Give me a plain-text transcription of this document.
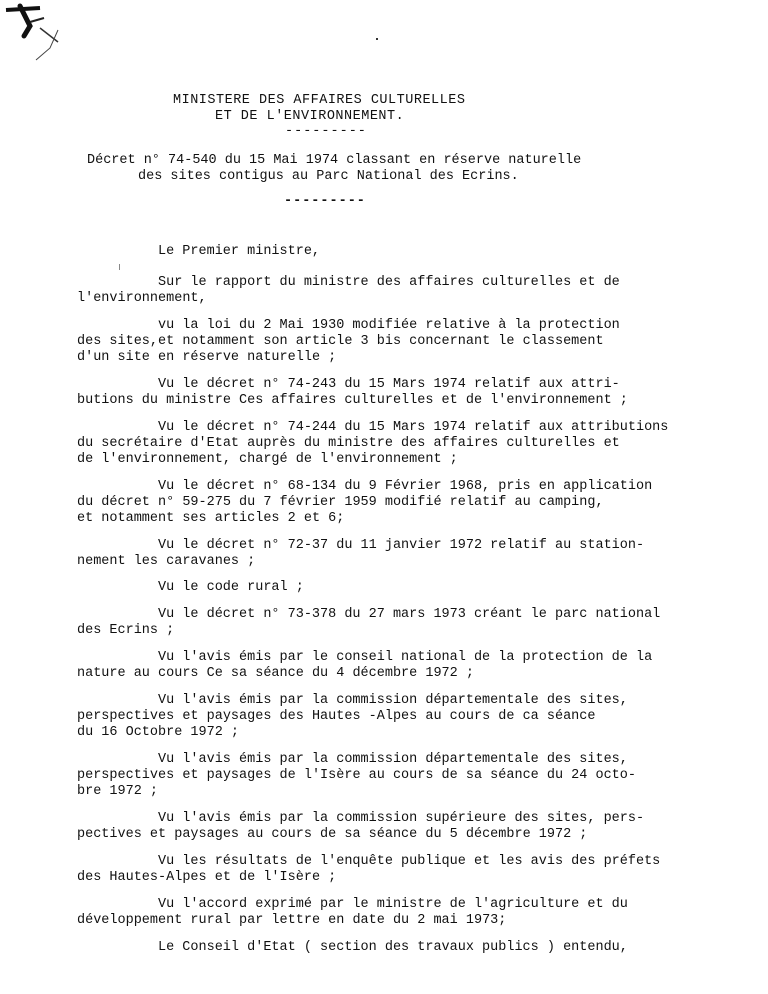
MINISTERE DES AFFAIRES CULTURELLES
ET DE L'ENVIRONNEMENT.
---------
Décret n° 74-540 du 15 Mai 1974 classant en réserve naturelle
des sites contigus au Parc National des Ecrins.
---------
Le Premier ministre,
Sur le rapport du ministre des affaires culturelles et de
l'environnement,
vu la loi du 2 Mai 1930 modifiée relative à la protection
des sites,et notamment son article 3 bis concernant le classement
d'un site en réserve naturelle ;
Vu le décret n° 74-243 du 15 Mars 1974 relatif aux attri-
butions du ministre Ces affaires culturelles et de l'environnement ;
Vu le décret n° 74-244 du 15 Mars 1974 relatif aux attributions
du secrétaire d'Etat auprès du ministre des affaires culturelles et
de l'environnement, chargé de l'environnement ;
Vu le décret n° 68-134 du 9 Février 1968, pris en application
du décret n° 59-275 du 7 février 1959 modifié relatif au camping,
et notamment ses articles 2 et 6;
Vu le décret n° 72-37 du 11 janvier 1972 relatif au station-
nement les caravanes ;
Vu le code rural ;
Vu le décret n° 73-378 du 27 mars 1973 créant le parc national
des Ecrins ;
Vu l'avis émis par le conseil national de la protection de la
nature au cours Ce sa séance du 4 décembre 1972 ;
Vu l'avis émis par la commission départementale des sites,
perspectives et paysages des Hautes -Alpes au cours de ca séance
du 16 Octobre 1972 ;
Vu l'avis émis par la commission départementale des sites,
perspectives et paysages de l'Isère au cours de sa séance du 24 octo-
bre 1972 ;
Vu l'avis émis par la commission supérieure des sites, pers-
pectives et paysages au cours de sa séance du 5 décembre 1972 ;
Vu les résultats de l'enquête publique et les avis des préfets
des Hautes-Alpes et de l'Isère ;
Vu l'accord exprimé par le ministre de l'agriculture et du
développement rural par lettre en date du 2 mai 1973;
Le Conseil d'Etat ( section des travaux publics ) entendu,
